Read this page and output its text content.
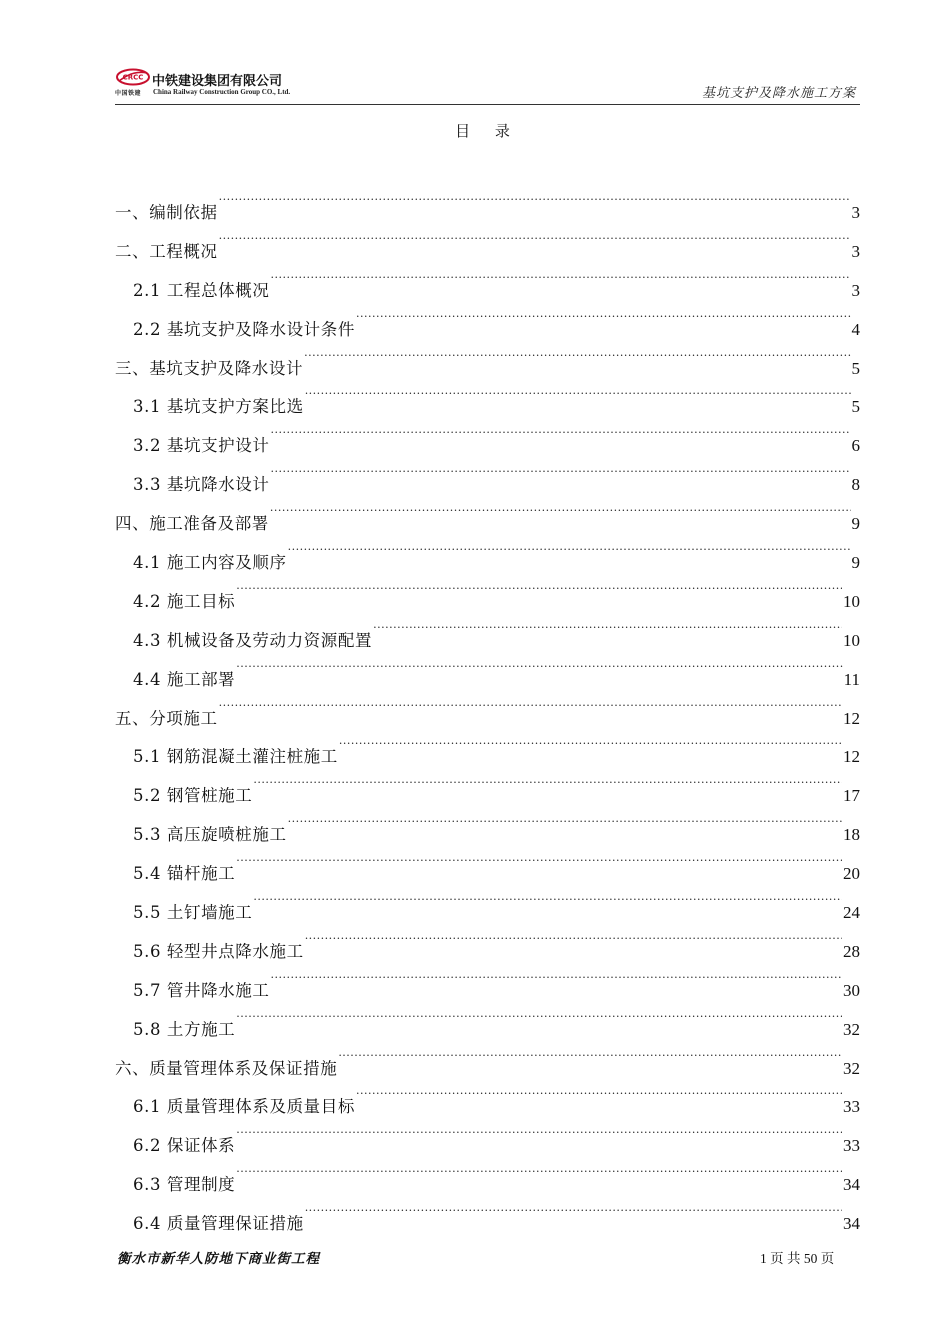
CRCC
中国铁建
中铁建设集团有限公司
China Railway Construction Group CO., Ltd.	基坑支护及降水施工方案
目 录
一、编制依据 .....	3
二、工程概况 .....	3
2.1 工程总体概况 .....	3
2.2 基坑支护及降水设计条件 .....	4
三、基坑支护及降水设计 .....	5
3.1 基坑支护方案比选 .....	5
3.2 基坑支护设计 .....	6
3.3 基坑降水设计 .....	8
四、施工准备及部署 .....	9
4.1 施工内容及顺序 .....	9
4.2 施工目标 .....	10
4.3 机械设备及劳动力资源配置 .....	10
4.4 施工部署 .....	11
五、分项施工 .....	12
5.1 钢筋混凝土灌注桩施工 .....	12
5.2 钢管桩施工 .....	17
5.3 高压旋喷桩施工 .....	18
5.4 锚杆施工 .....	20
5.5 土钉墙施工 .....	24
5.6 轻型井点降水施工 .....	28
5.7 管井降水施工 .....	30
5.8 土方施工 .....	32
六、质量管理体系及保证措施 .....	32
6.1 质量管理体系及质量目标 .....	33
6.2 保证体系 .....	33
6.3 管理制度 .....	34
6.4 质量管理保证措施 .....	34
衡水市新华人防地下商业街工程	1 页 共 50 页
